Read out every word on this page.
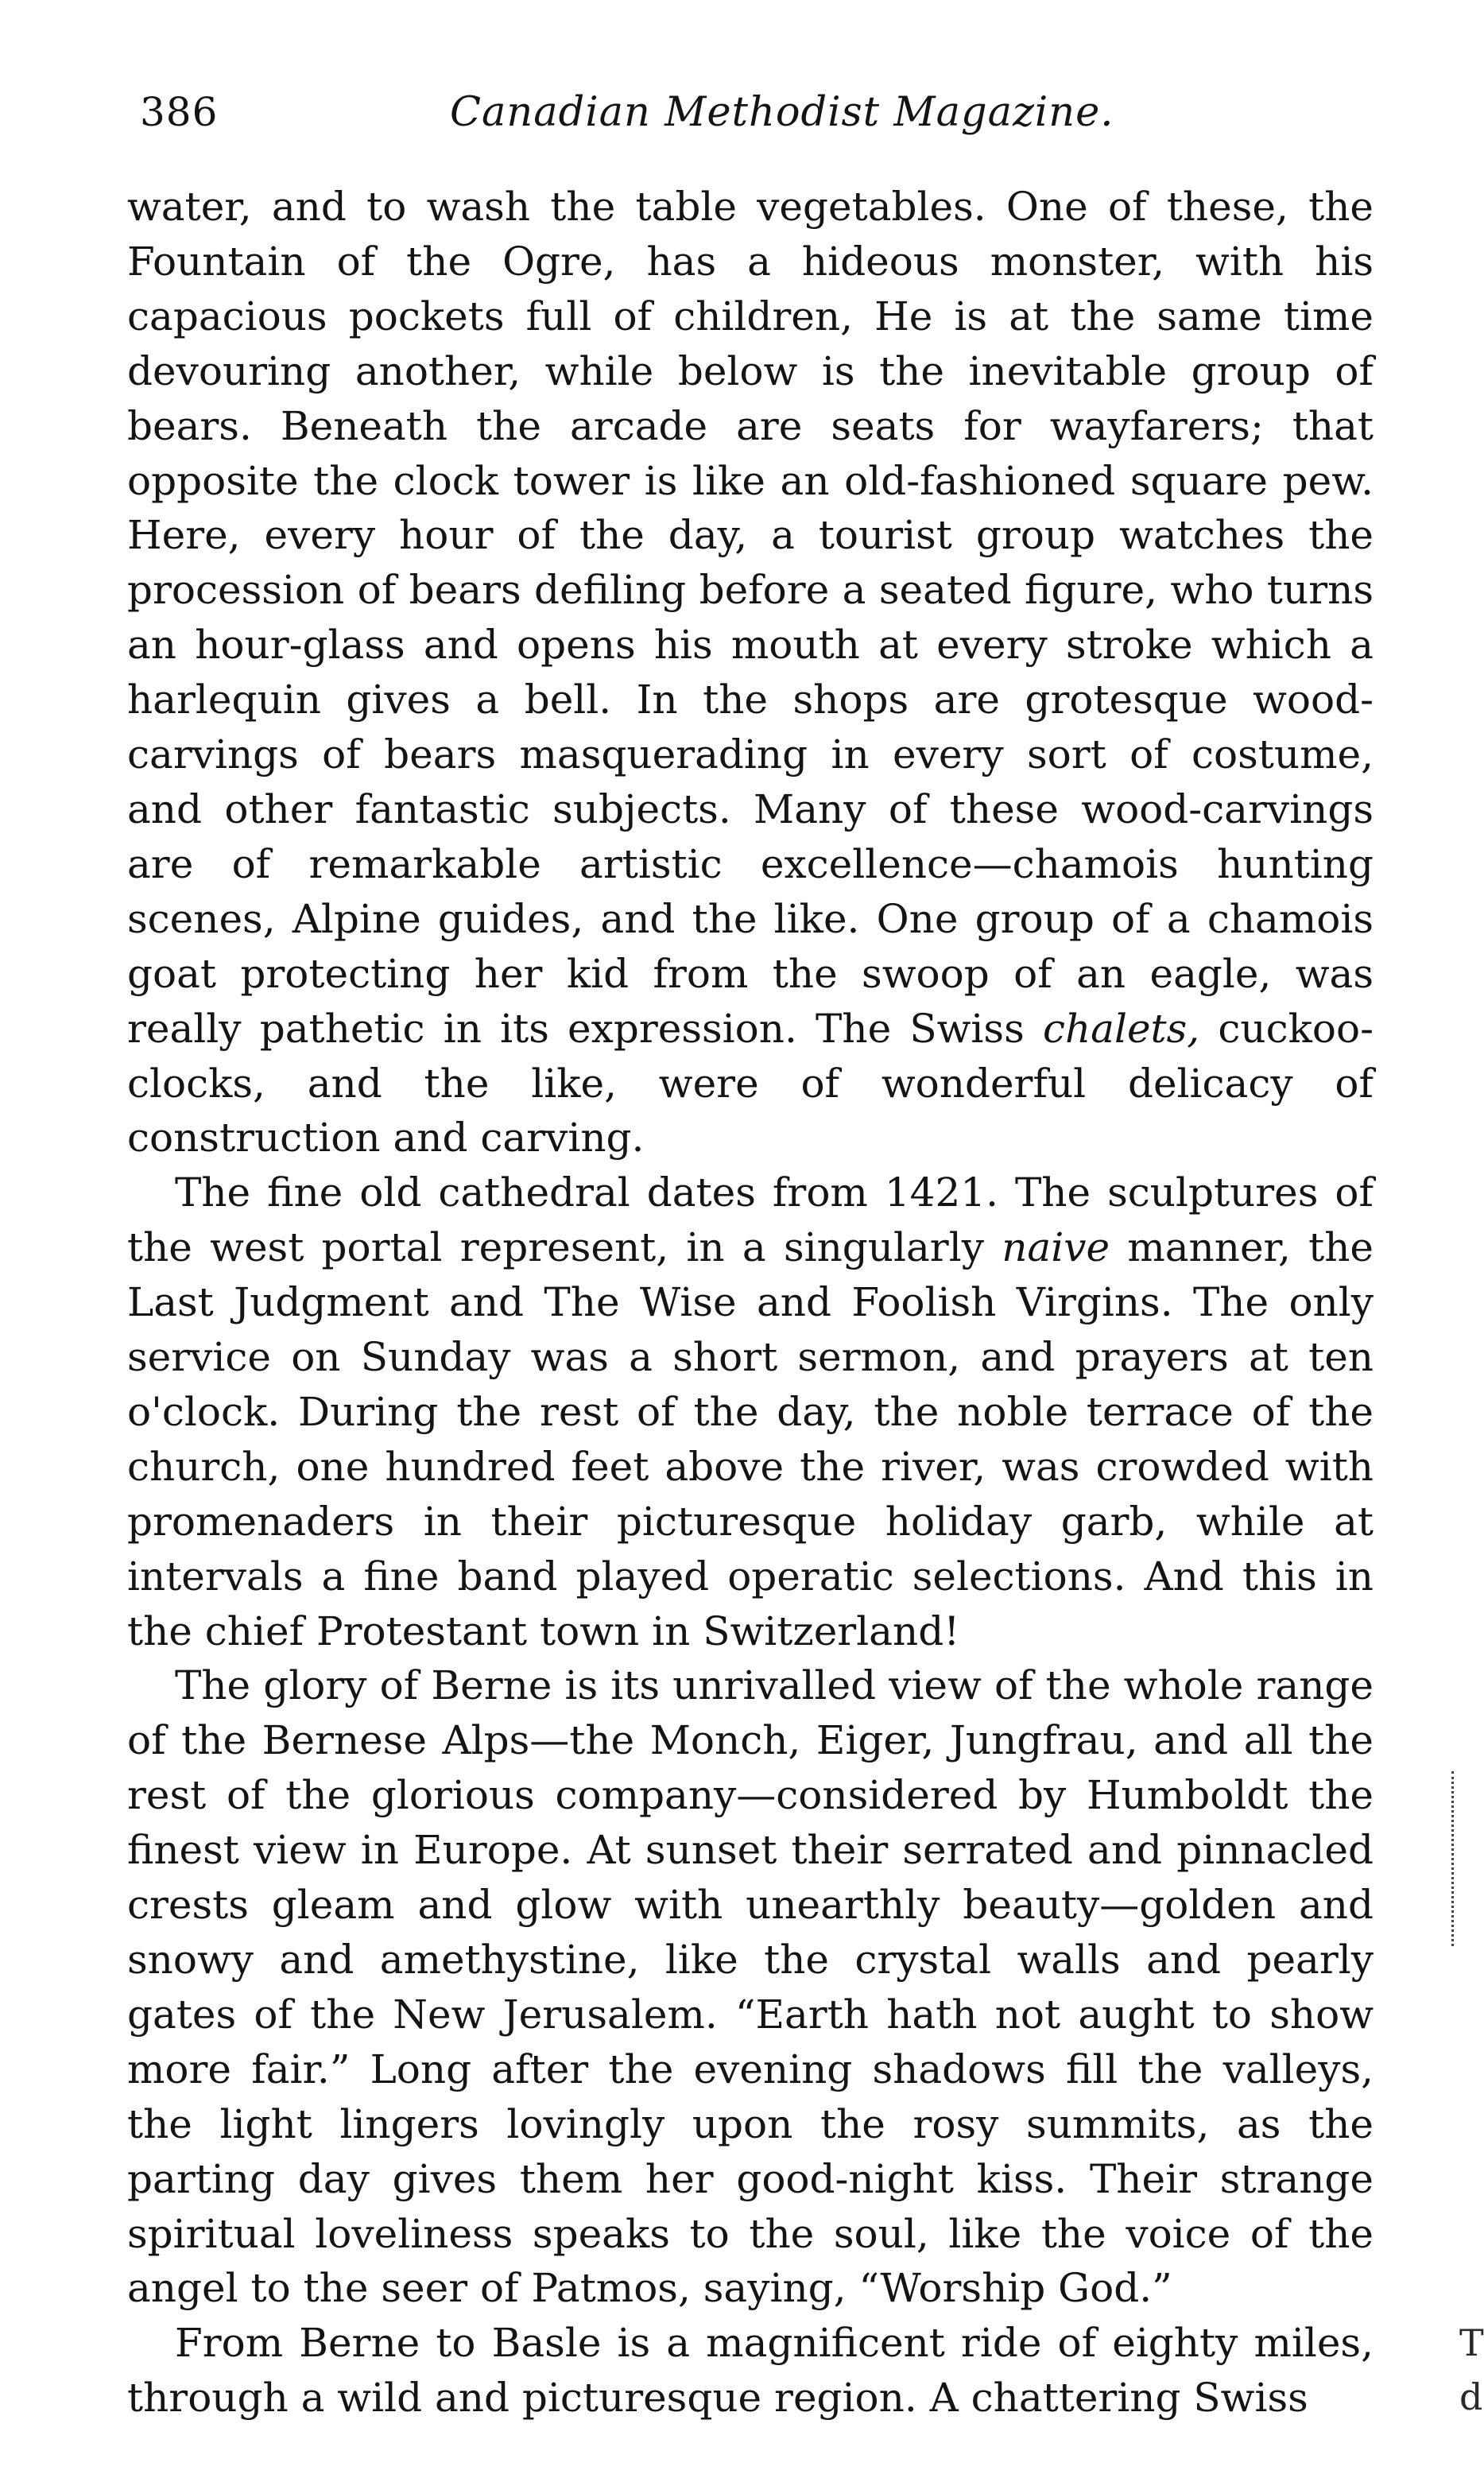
386	Canadian Methodist Magazine.

water, and to wash the table vegetables. One of these, the Fountain of the Ogre, has a hideous monster, with his capacious pockets full of children, He is at the same time devouring another, while below is the inevitable group of bears. Beneath the arcade are seats for wayfarers; that opposite the clock tower is like an old-fashioned square pew. Here, every hour of the day, a tourist group watches the procession of bears defiling before a seated figure, who turns an hour-glass and opens his mouth at every stroke which a harlequin gives a bell. In the shops are grotesque wood-carvings of bears masquerading in every sort of costume, and other fantastic subjects. Many of these wood-carvings are of remarkable artistic excellence—chamois hunting scenes, Alpine guides, and the like. One group of a chamois goat protecting her kid from the swoop of an eagle, was really pathetic in its expression. The Swiss chalets, cuckoo-clocks, and the like, were of wonderful delicacy of construction and carving.

The fine old cathedral dates from 1421. The sculptures of the west portal represent, in a singularly naive manner, the Last Judgment and The Wise and Foolish Virgins. The only service on Sunday was a short sermon, and prayers at ten o'clock. During the rest of the day, the noble terrace of the church, one hundred feet above the river, was crowded with promenaders in their picturesque holiday garb, while at intervals a fine band played operatic selections. And this in the chief Protestant town in Switzerland!

The glory of Berne is its unrivalled view of the whole range of the Bernese Alps—the Monch, Eiger, Jungfrau, and all the rest of the glorious company—considered by Humboldt the finest view in Europe. At sunset their serrated and pinnacled crests gleam and glow with unearthly beauty—golden and snowy and amethystine, like the crystal walls and pearly gates of the New Jerusalem. “Earth hath not aught to show more fair.” Long after the evening shadows fill the valleys, the light lingers lovingly upon the rosy summits, as the parting day gives them her good-night kiss. Their strange spiritual loveliness speaks to the soul, like the voice of the angel to the seer of Patmos, saying, “Worship God.”

From Berne to Basle is a magnificent ride of eighty miles, through a wild and picturesque region. A chattering Swiss

T
d
